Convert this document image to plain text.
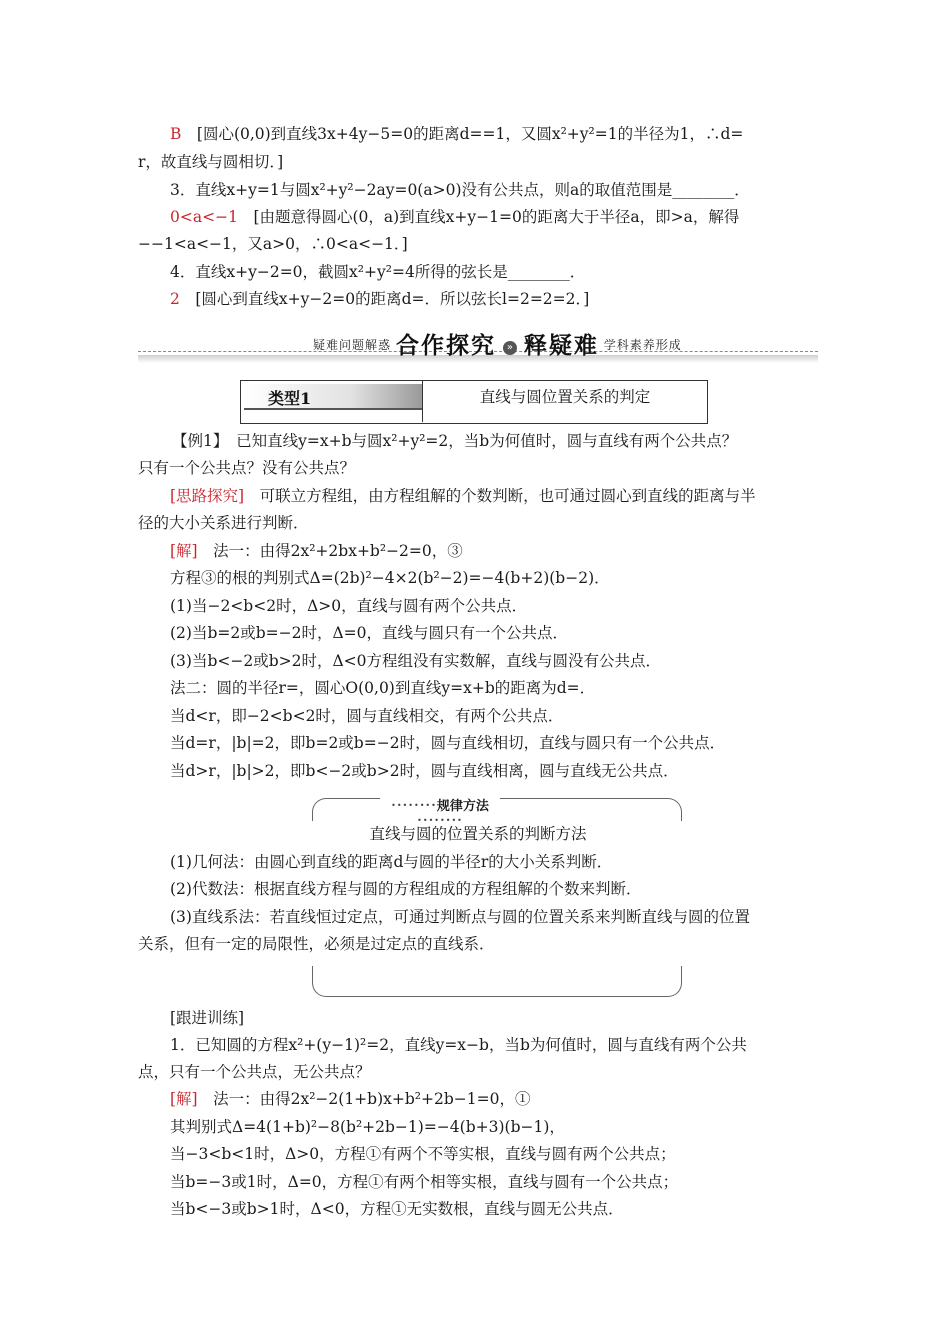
B　[圆心(0,0)到直线3x+4y−5=0的距离d==1，又圆x²+y²=1的半径为1，∴d=
r，故直线与圆相切．]
3．直线x+y=1与圆x²+y²−2ay=0(a>0)没有公共点，则a的取值范围是________．
0<a<−1　[由题意得圆心(0，a)到直线x+y−1=0的距离大于半径a，即>a，解得
−−1<a<−1，又a>0，∴0<a<−1．]
4．直线x+y−2=0，截圆x²+y²=4所得的弦长是________．
2　[圆心到直线x+y−2=0的距离d=．所以弦长l=2=2=2．]
$^{疑难问题解惑}$ 合作探究 » 释疑难 $^{学科素养形成}$
类型1	直线与圆位置关系的判定
【例1】　已知直线y=x+b与圆x²+y²=2，当b为何值时，圆与直线有两个公共点？
只有一个公共点？没有公共点？
[思路探究]　可联立方程组，由方程组解的个数判断，也可通过圆心到直线的距离与半
径的大小关系进行判断．
[解]　法一：由得2x²+2bx+b²−2=0，③
方程③的根的判别式Δ=(2b)²−4×2(b²−2)=−4(b+2)(b−2)．
(1)当−2<b<2时，Δ>0，直线与圆有两个公共点．
(2)当b=2或b=−2时，Δ=0，直线与圆只有一个公共点．
(3)当b<−2或b>2时，Δ<0方程组没有实数解，直线与圆没有公共点．
法二：圆的半径r=，圆心O(0,0)到直线y=x+b的距离为d=．
当d<r，即−2<b<2时，圆与直线相交，有两个公共点．
当d=r，|b|=2，即b=2或b=−2时，圆与直线相切，直线与圆只有一个公共点．
当d>r，|b|>2，即b<−2或b>2时，圆与直线相离，圆与直线无公共点．
••••••••规律方法••••••••
直线与圆的位置关系的判断方法
(1)几何法：由圆心到直线的距离d与圆的半径r的大小关系判断．
(2)代数法：根据直线方程与圆的方程组成的方程组解的个数来判断．
(3)直线系法：若直线恒过定点，可通过判断点与圆的位置关系来判断直线与圆的位置
关系，但有一定的局限性，必须是过定点的直线系．
[跟进训练]
1．已知圆的方程x²+(y−1)²=2，直线y=x−b，当b为何值时，圆与直线有两个公共
点，只有一个公共点，无公共点？
[解]　法一：由得2x²−2(1+b)x+b²+2b−1=0，①
其判别式Δ=4(1+b)²−8(b²+2b−1)=−4(b+3)(b−1)，
当−3<b<1时，Δ>0，方程①有两个不等实根，直线与圆有两个公共点；
当b=−3或1时，Δ=0，方程①有两个相等实根，直线与圆有一个公共点；
当b<−3或b>1时，Δ<0，方程①无实数根，直线与圆无公共点．
